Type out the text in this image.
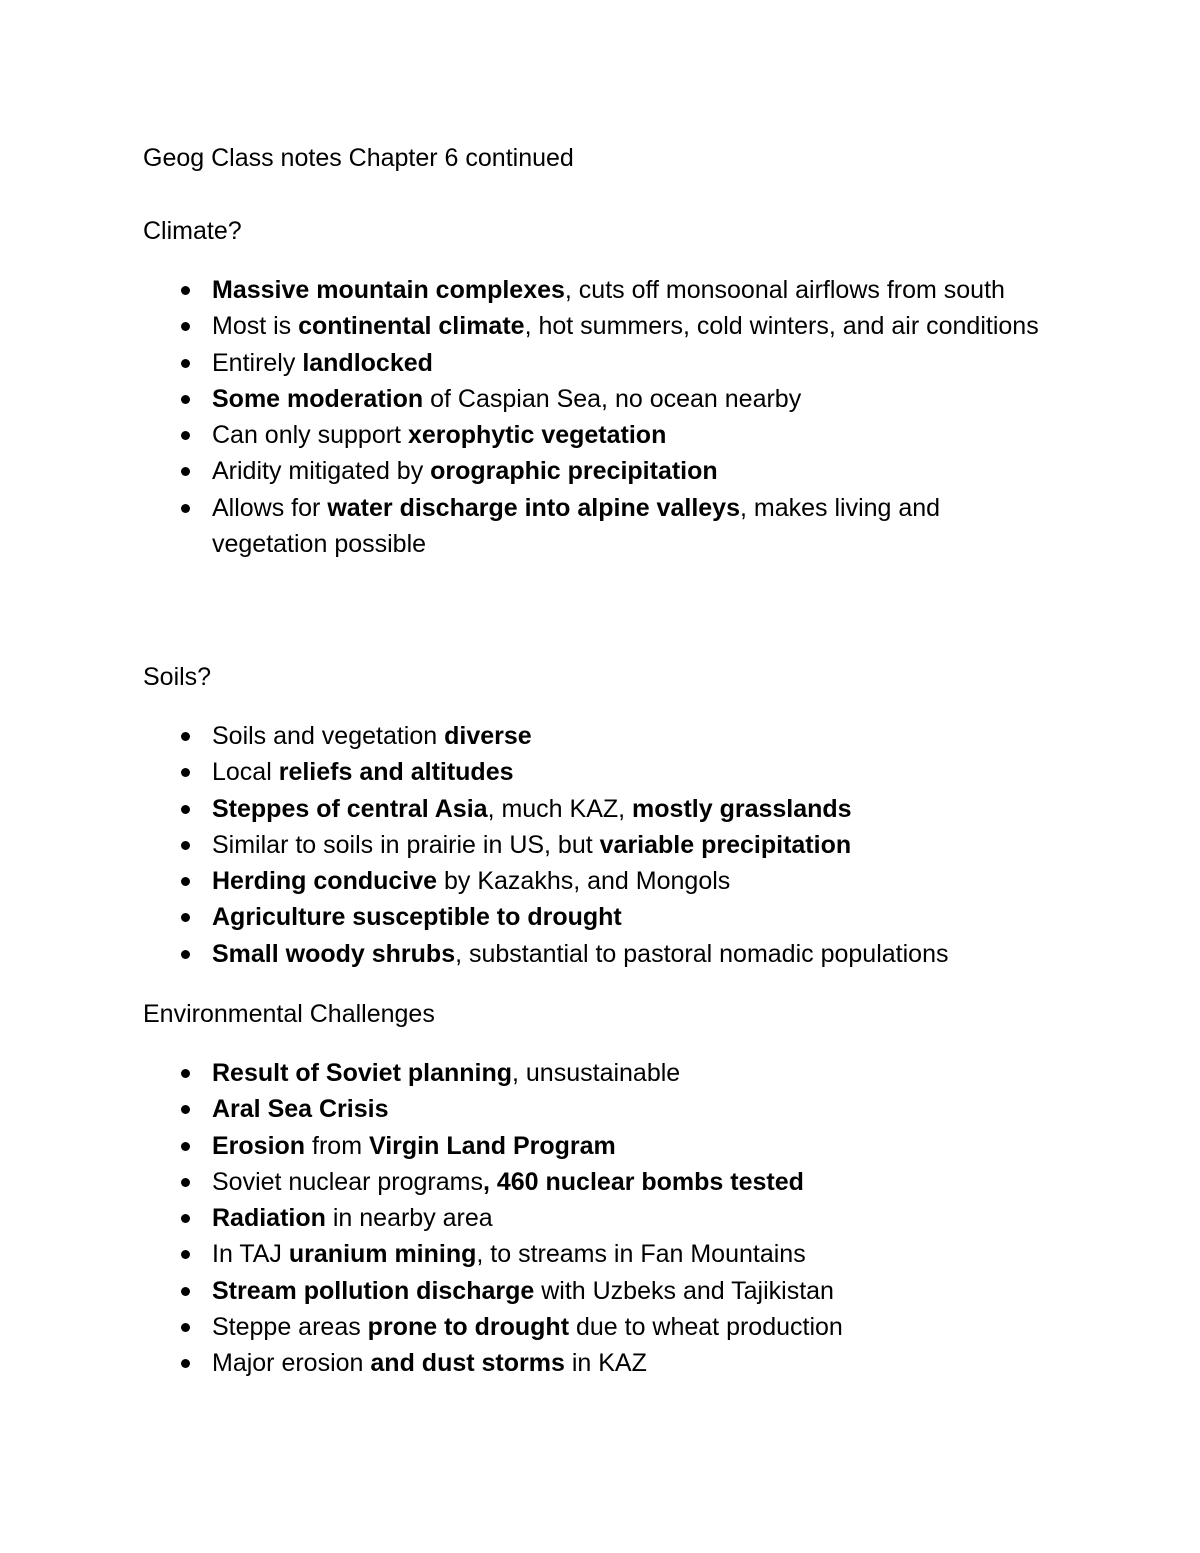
Geog Class notes Chapter 6 continued
Climate?
Massive mountain complexes, cuts off monsoonal airflows from south
Most is continental climate, hot summers, cold winters, and air conditions
Entirely landlocked
Some moderation of Caspian Sea, no ocean nearby
Can only support xerophytic vegetation
Aridity mitigated by orographic precipitation
Allows for water discharge into alpine valleys, makes living and vegetation possible
Soils?
Soils and vegetation diverse
Local reliefs and altitudes
Steppes of central Asia, much KAZ, mostly grasslands
Similar to soils in prairie in US, but variable precipitation
Herding conducive by Kazakhs, and Mongols
Agriculture susceptible to drought
Small woody shrubs, substantial to pastoral nomadic populations
Environmental Challenges
Result of Soviet planning, unsustainable
Aral Sea Crisis
Erosion from Virgin Land Program
Soviet nuclear programs, 460 nuclear bombs tested
Radiation in nearby area
In TAJ uranium mining, to streams in Fan Mountains
Stream pollution discharge with Uzbeks and Tajikistan
Steppe areas prone to drought due to wheat production
Major erosion and dust storms in KAZ
